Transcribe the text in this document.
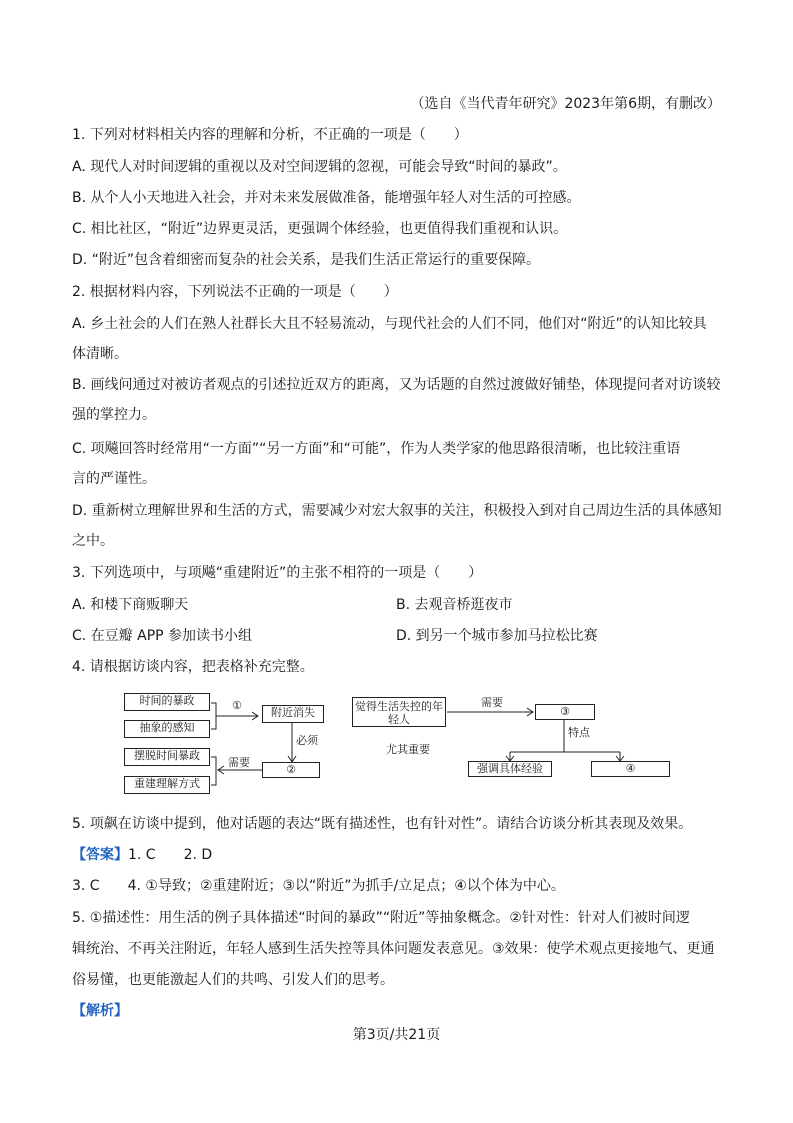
（选自《当代青年研究》2023年第6期，有删改）
1. 下列对材料相关内容的理解和分析，不正确的一项是（　　）
A. 现代人对时间逻辑的重视以及对空间逻辑的忽视，可能会导致“时间的暴政”。
B. 从个人小天地进入社会，并对未来发展做准备，能增强年轻人对生活的可控感。
C. 相比社区，“附近”边界更灵活，更强调个体经验，也更值得我们重视和认识。
D. “附近”包含着细密而复杂的社会关系，是我们生活正常运行的重要保障。
2. 根据材料内容，下列说法不正确的一项是（　　）
A. 乡土社会的人们在熟人社群长大且不轻易流动，与现代社会的人们不同，他们对“附近”的认知比较具
体清晰。
B. 画线问通过对被访者观点的引述拉近双方的距离，又为话题的自然过渡做好铺垫，体现提问者对访谈较
强的掌控力。
C. 项飚回答时经常用“一方面”“另一方面”和“可能”，作为人类学家的他思路很清晰，也比较注重语
言的严谨性。
D. 重新树立理解世界和生活的方式，需要减少对宏大叙事的关注，积极投入到对自己周边生活的具体感知
之中。
3. 下列选项中，与项飚“重建附近”的主张不相符的一项是（　　）
A. 和楼下商贩聊天	B. 去观音桥逛夜市
C. 在豆瓣 APP 参加读书小组	D. 到另一个城市参加马拉松比赛
4. 请根据访谈内容，把表格补充完整。
时间的暴政
抽象的感知
①
附近消失
必须
摆脱时间暴政
需要
②
重建理解方式
觉得生活失控的年轻人
需要
③
特点
尤其重要
强调具体经验	④
5. 项飙在访谈中提到，他对话题的表达“既有描述性，也有针对性”。请结合访谈分析其表现及效果。
【答案】1. C　　2. D
3. C　　4. ①导致；②重建附近；③以“附近”为抓手/立足点；④以个体为中心。
5. ①描述性：用生活的例子具体描述“时间的暴政”“附近”等抽象概念。②针对性：针对人们被时间逻
辑统治、不再关注附近，年轻人感到生活失控等具体问题发表意见。③效果：使学术观点更接地气、更通
俗易懂，也更能激起人们的共鸣、引发人们的思考。
【解析】
第3页/共21页
